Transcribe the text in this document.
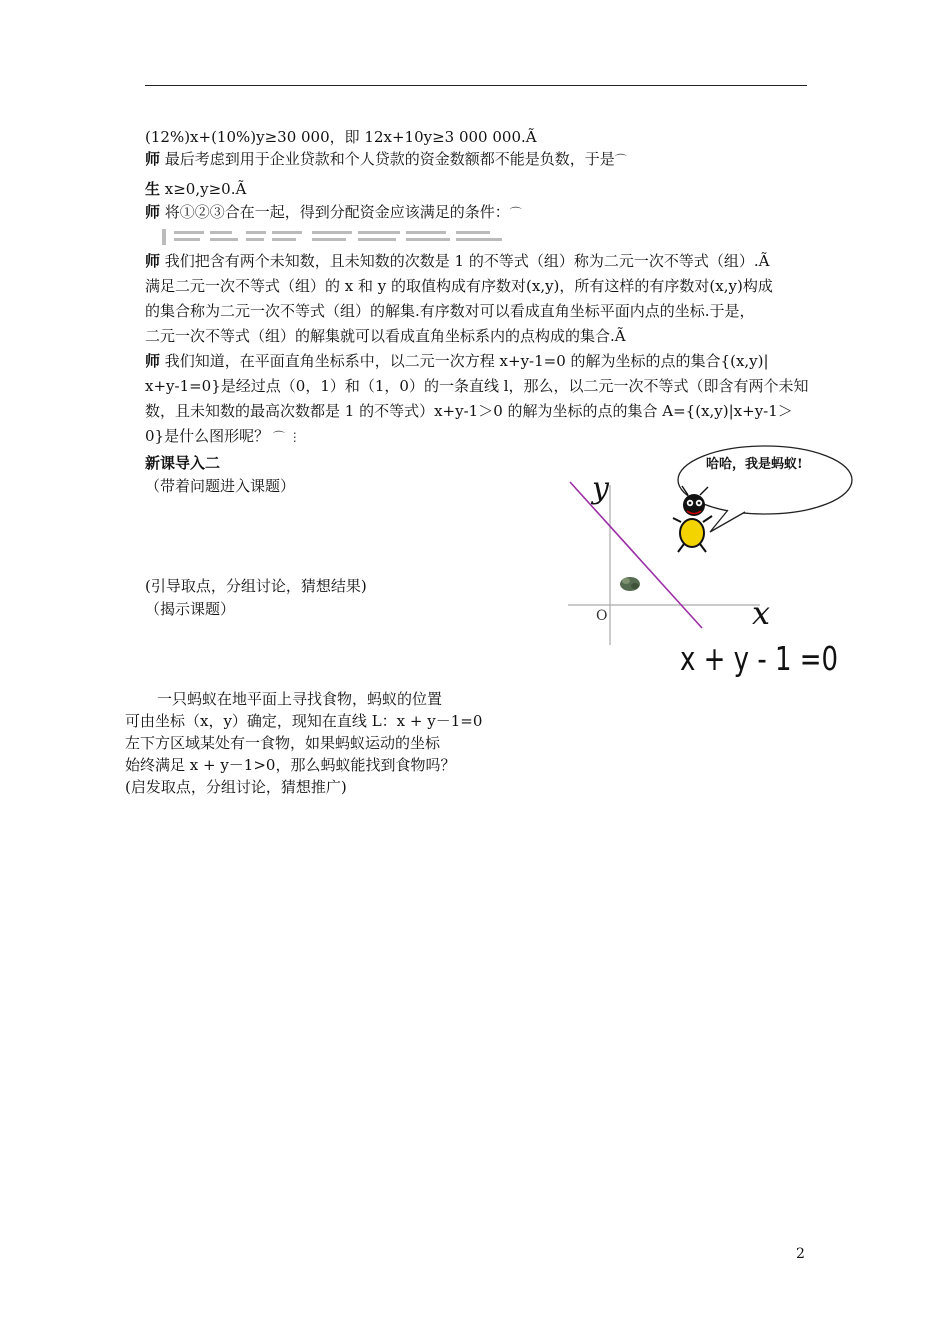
(12%)x+(10%)y≥30 000，即 12x+10y≥3 000 000.Ã
师 最后考虑到用于企业贷款和个人贷款的资金数额都不能是负数，于是⌒
生 x≥0,y≥0.Ã
师 将①②③合在一起，得到分配资金应该满足的条件：⌒
师 我们把含有两个未知数，且未知数的次数是 1 的不等式（组）称为二元一次不等式（组）.Ã
满足二元一次不等式（组）的 x 和 y 的取值构成有序数对(x,y)，所有这样的有序数对(x,y)构成
的集合称为二元一次不等式（组）的解集.有序数对可以看成直角坐标平面内点的坐标.于是，
二元一次不等式（组）的解集就可以看成直角坐标系内的点构成的集合.Ã
师 我们知道，在平面直角坐标系中，以二元一次方程 x+y-1=0 的解为坐标的点的集合{(x,y)|
x+y-1=0}是经过点（0，1）和（1，0）的一条直线 l，那么，以二元一次不等式（即含有两个未知
数，且未知数的最高次数都是 1 的不等式）x+y-1＞0 的解为坐标的点的集合 A={(x,y)|x+y-1＞
0}是什么图形呢？ ⌒ ⋮
新课导入二
（带着问题进入课题）
(引导取点，分组讨论，猜想结果)
（揭示课题）
y
x
O
x + y - 1 =0
哈哈，我是蚂蚁!

一只蚂蚁在地平面上寻找食物，蚂蚁的位置

可由坐标（x，y）确定，现知在直线 L：x + y－1=0

左下方区域某处有一食物，如果蚂蚁运动的坐标

始终满足 x + y－1>0，那么蚂蚁能找到食物吗？

(启发取点，分组讨论，猜想推广)

2
